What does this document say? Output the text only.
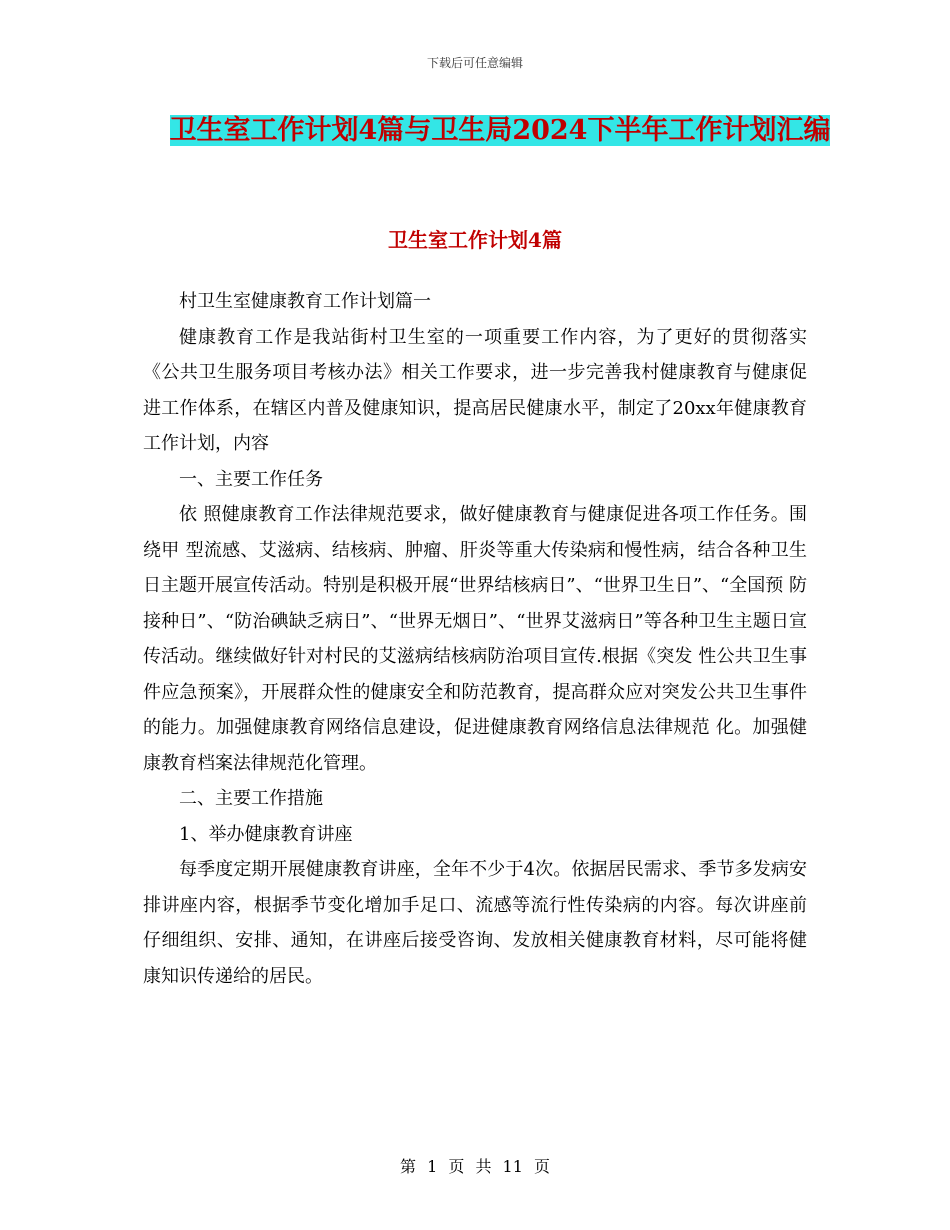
下载后可任意编辑
卫生室工作计划4篇与卫生局2024下半年工作计划汇编
卫生室工作计划4篇

村卫生室健康教育工作计划篇一

健康教育工作是我站街村卫生室的一项重要工作内容，为了更好的贯彻落实《公共卫生服务项目考核办法》相关工作要求，进一步完善我村健康教育与健康促进工作体系，在辖区内普及健康知识，提高居民健康水平，制定了20xx年健康教育工作计划，内容

一、主要工作任务

依 照健康教育工作法律规范要求，做好健康教育与健康促进各项工作任务。围绕甲 型流感、艾滋病、结核病、肿瘤、肝炎等重大传染病和慢性病，结合各种卫生日主题开展宣传活动。特别是积极开展“世界结核病日”、“世界卫生日”、“全国预 防接种日”、“防治碘缺乏病日”、“世界无烟日”、“世界艾滋病日”等各种卫生主题日宣传活动。继续做好针对村民的艾滋病结核病防治项目宣传.根据《突发 性公共卫生事件应急预案》，开展群众性的健康安全和防范教育，提高群众应对突发公共卫生事件的能力。加强健康教育网络信息建设，促进健康教育网络信息法律规范 化。加强健康教育档案法律规范化管理。

二、主要工作措施

1、举办健康教育讲座

每季度定期开展健康教育讲座，全年不少于4次。依据居民需求、季节多发病安排讲座内容，根据季节变化增加手足口、流感等流行性传染病的内容。每次讲座前仔细组织、安排、通知，在讲座后接受咨询、发放相关健康教育材料，尽可能将健康知识传递给的居民。

第 1 页 共 11 页
